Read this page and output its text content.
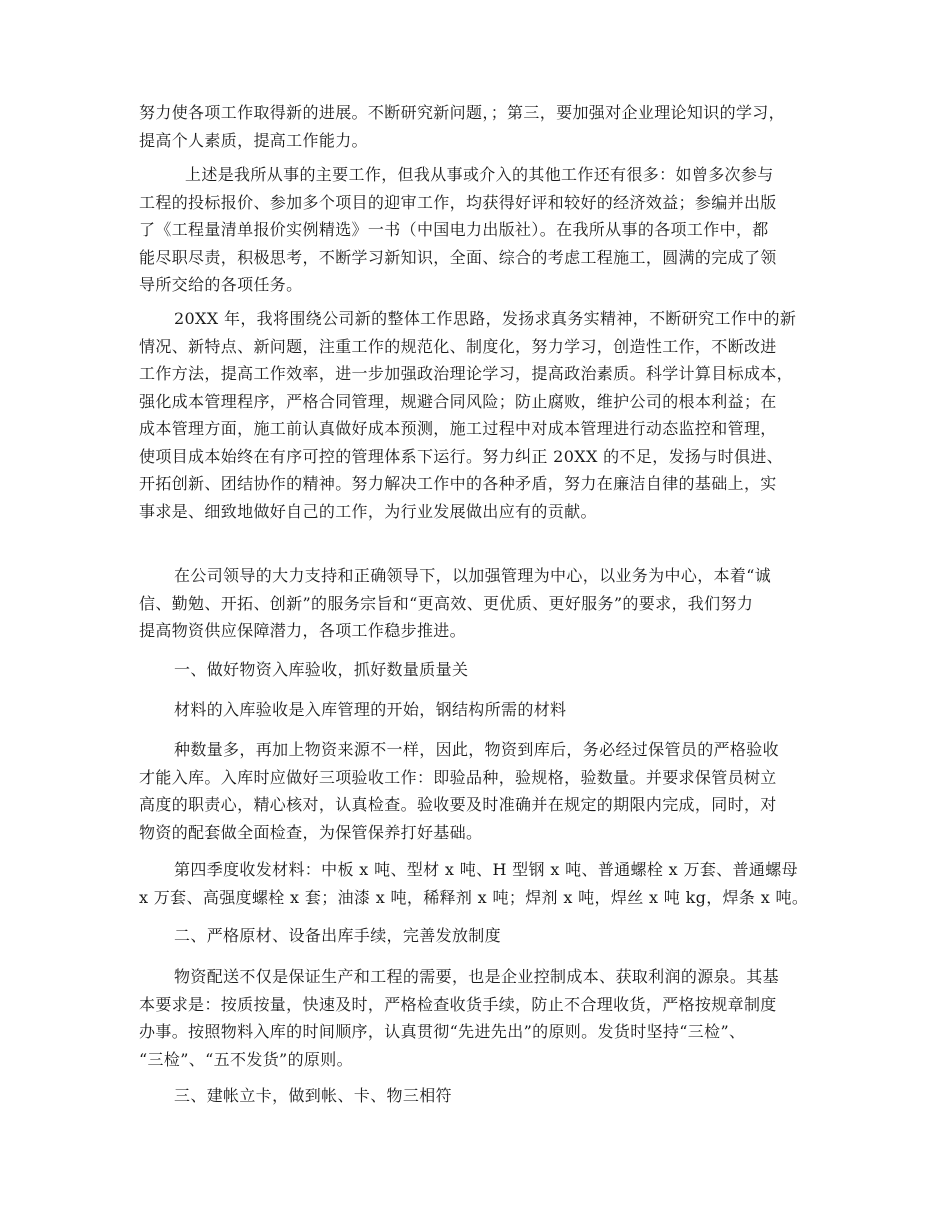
努力使各项工作取得新的进展。不断研究新问题，；第三，要加强对企业理论知识的学习，
提高个人素质，提高工作能力。
上述是我所从事的主要工作，但我从事或介入的其他工作还有很多：如曾多次参与
工程的投标报价、参加多个项目的迎审工作，均获得好评和较好的经济效益；参编并出版
了《工程量清单报价实例精选》一书（中国电力出版社）。在我所从事的各项工作中，都
能尽职尽责，积极思考，不断学习新知识，全面、综合的考虑工程施工，圆满的完成了领
导所交给的各项任务。
20XX 年，我将围绕公司新的整体工作思路，发扬求真务实精神，不断研究工作中的新
情况、新特点、新问题，注重工作的规范化、制度化，努力学习，创造性工作，不断改进
工作方法，提高工作效率，进一步加强政治理论学习，提高政治素质。科学计算目标成本，
强化成本管理程序，严格合同管理，规避合同风险；防止腐败，维护公司的根本利益；在
成本管理方面，施工前认真做好成本预测，施工过程中对成本管理进行动态监控和管理，
使项目成本始终在有序可控的管理体系下运行。努力纠正 20XX 的不足，发扬与时俱进、
开拓创新、团结协作的精神。努力解决工作中的各种矛盾，努力在廉洁自律的基础上，实
事求是、细致地做好自己的工作，为行业发展做出应有的贡献。
在公司领导的大力支持和正确领导下，以加强管理为中心，以业务为中心，本着“诚
信、勤勉、开拓、创新”的服务宗旨和“更高效、更优质、更好服务”的要求，我们努力
提高物资供应保障潜力，各项工作稳步推进。
一、做好物资入库验收，抓好数量质量关
材料的入库验收是入库管理的开始，钢结构所需的材料
种数量多，再加上物资来源不一样，因此，物资到库后，务必经过保管员的严格验收
才能入库。入库时应做好三项验收工作：即验品种，验规格，验数量。并要求保管员树立
高度的职责心，精心核对，认真检查。验收要及时准确并在规定的期限内完成，同时，对
物资的配套做全面检查，为保管保养打好基础。
第四季度收发材料：中板 x 吨、型材 x 吨、H 型钢 x 吨、普通螺栓 x 万套、普通螺母
x 万套、高强度螺栓 x 套；油漆 x 吨，稀释剂 x 吨；焊剂 x 吨，焊丝 x 吨 kg，焊条 x 吨。
二、严格原材、设备出库手续，完善发放制度
物资配送不仅是保证生产和工程的需要，也是企业控制成本、获取利润的源泉。其基
本要求是：按质按量，快速及时，严格检查收货手续，防止不合理收货，严格按规章制度
办事。按照物料入库的时间顺序，认真贯彻“先进先出”的原则。发货时坚持“三检”、
“三检”、“五不发货”的原则。
三、建帐立卡，做到帐、卡、物三相符
